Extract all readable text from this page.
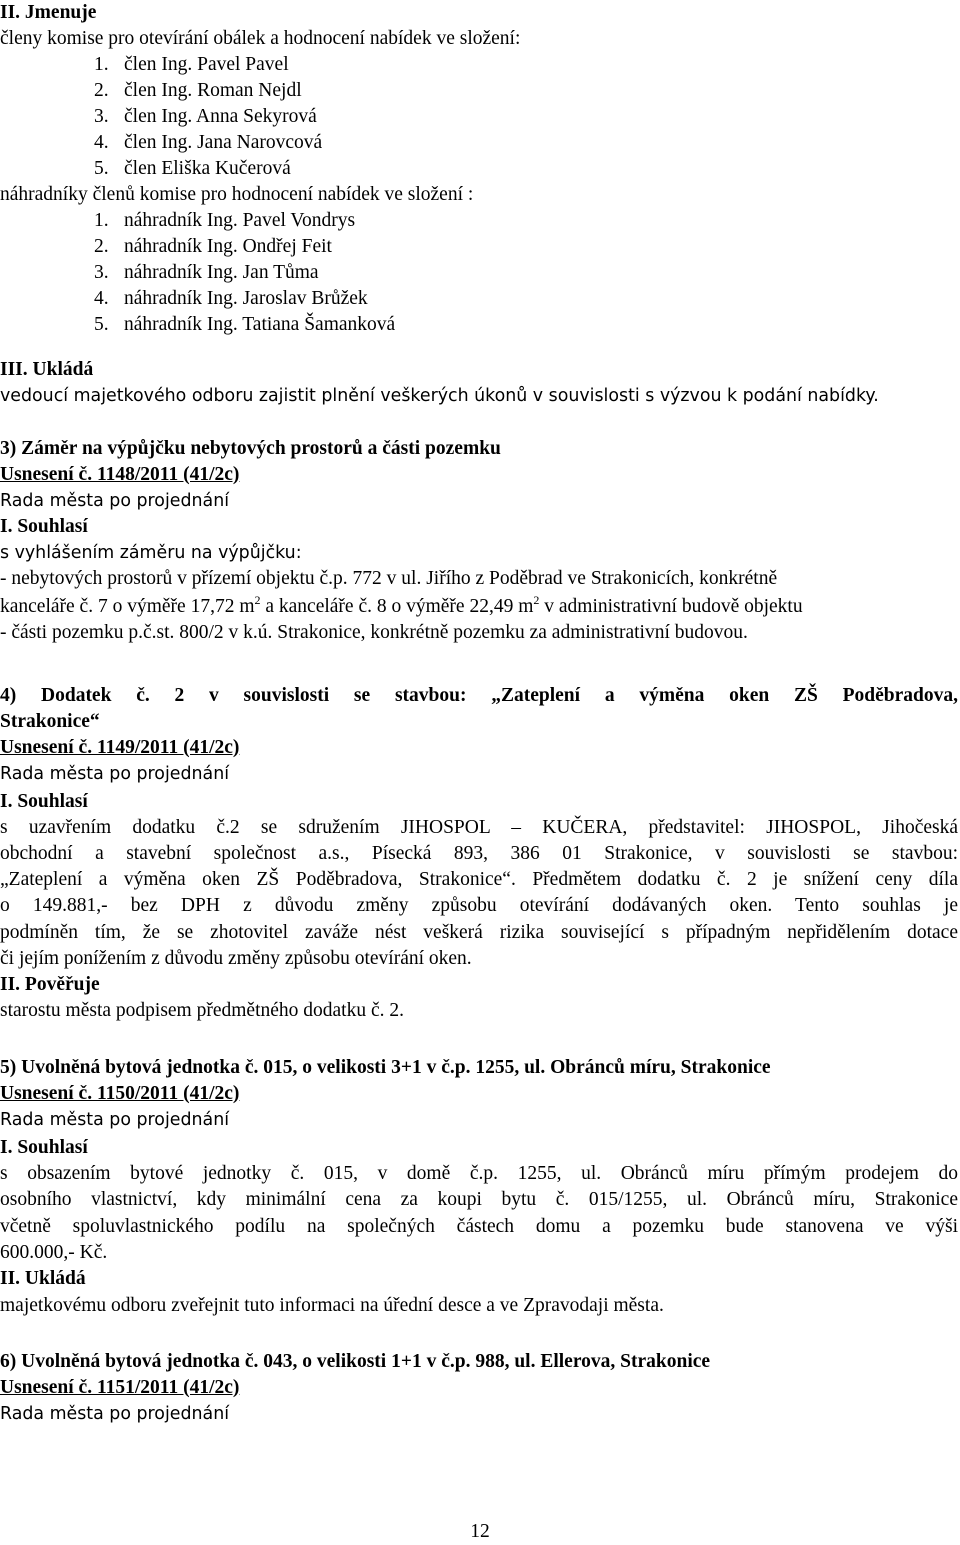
II. Jmenuje
členy komise pro otevírání obálek a hodnocení nabídek ve složení:
1. člen Ing. Pavel Pavel
2. člen Ing. Roman Nejdl
3. člen Ing. Anna Sekyrová
4. člen Ing. Jana Narovcová
5. člen Eliška Kučerová
náhradníky členů komise pro hodnocení nabídek ve složení :
1. náhradník Ing. Pavel Vondrys
2. náhradník Ing. Ondřej Feit
3. náhradník Ing. Jan Tůma
4. náhradník Ing. Jaroslav Brůžek
5. náhradník Ing. Tatiana Šamanková
III. Ukládá
vedoucí majetkového odboru zajistit plnění veškerých úkonů v souvislosti s výzvou k podání nabídky.
3) Záměr na výpůjčku nebytových prostorů a části pozemku
Usnesení č. 1148/2011 (41/2c)
Rada města po projednání
I. Souhlasí
s vyhlášením záměru na výpůjčku:
- nebytových prostorů v přízemí objektu č.p. 772 v ul. Jiřího z Poděbrad ve Strakonicích, konkrétně
kanceláře č. 7 o výměře 17,72 $m^2$ a kanceláře č. 8 o výměře 22,49 $m^2$ v administrativní budově objektu
- části pozemku p.č.st. 800/2 v k.ú. Strakonice, konkrétně pozemku za administrativní budovou.
4) Dodatek č. 2 v souvislosti se stavbou: „Zateplení a výměna oken ZŠ Poděbradova,
Strakonice“
Usnesení č. 1149/2011 (41/2c)
Rada města po projednání
I. Souhlasí
s uzavřením dodatku č.2 se sdružením JIHOSPOL – KUČERA, představitel: JIHOSPOL, Jihočeská
obchodní a stavební společnost a.s., Písecká 893, 386 01 Strakonice, v souvislosti se stavbou:
„Zateplení a výměna oken ZŠ Poděbradova, Strakonice“. Předmětem dodatku č. 2 je snížení ceny díla
o 149.881,- bez DPH z důvodu změny způsobu otevírání dodávaných oken. Tento souhlas je
podmíněn tím, že se zhotovitel zaváže nést veškerá rizika související s případným nepřidělením dotace
či jejím ponížením z důvodu změny způsobu otevírání oken.
II. Pověřuje
starostu města podpisem předmětného dodatku č. 2.
5) Uvolněná bytová jednotka č. 015, o velikosti 3+1 v č.p. 1255, ul. Obránců míru, Strakonice
Usnesení č. 1150/2011 (41/2c)
Rada města po projednání
I. Souhlasí
s obsazením bytové jednotky č. 015, v domě č.p. 1255, ul. Obránců míru přímým prodejem do
osobního vlastnictví, kdy minimální cena za koupi bytu č. 015/1255, ul. Obránců míru, Strakonice
včetně spoluvlastnického podílu na společných částech domu a pozemku bude stanovena ve výši
600.000,- Kč.
II. Ukládá
majetkovému odboru zveřejnit tuto informaci na úřední desce a ve Zpravodaji města.
6) Uvolněná bytová jednotka č. 043, o velikosti 1+1 v č.p. 988, ul. Ellerova, Strakonice
Usnesení č. 1151/2011 (41/2c)
Rada města po projednání
12
